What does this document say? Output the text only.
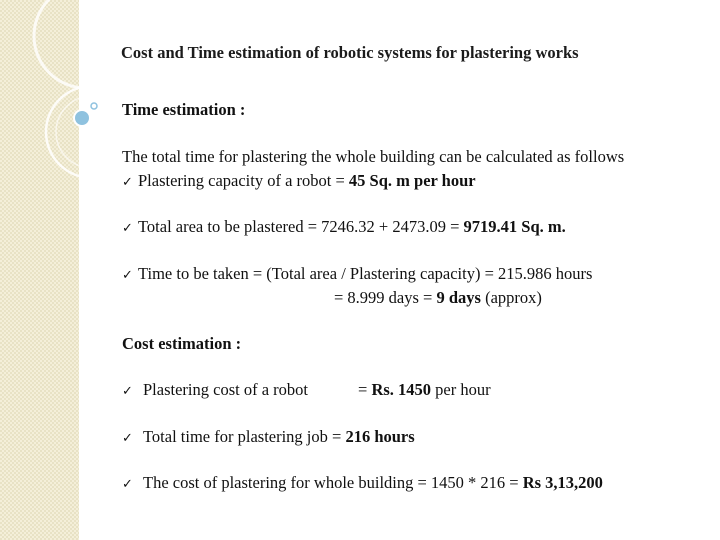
Cost and Time estimation of robotic systems for plastering works
Time estimation :
The total time for plastering the whole building can be calculated as follows
✓ Plastering capacity of a robot = 45 Sq. m per hour
✓ Total area to be plastered = 7246.32 + 2473.09 = 9719.41 Sq. m.
✓ Time to be taken = (Total area / Plastering capacity) = 215.986 hours
= 8.999 days = 9 days (approx)
Cost estimation :
✓ Plastering cost of a robot	= Rs. 1450 per hour
✓ Total time for plastering job = 216 hours
✓ The cost of plastering for whole building = 1450 * 216 = Rs 3,13,200
